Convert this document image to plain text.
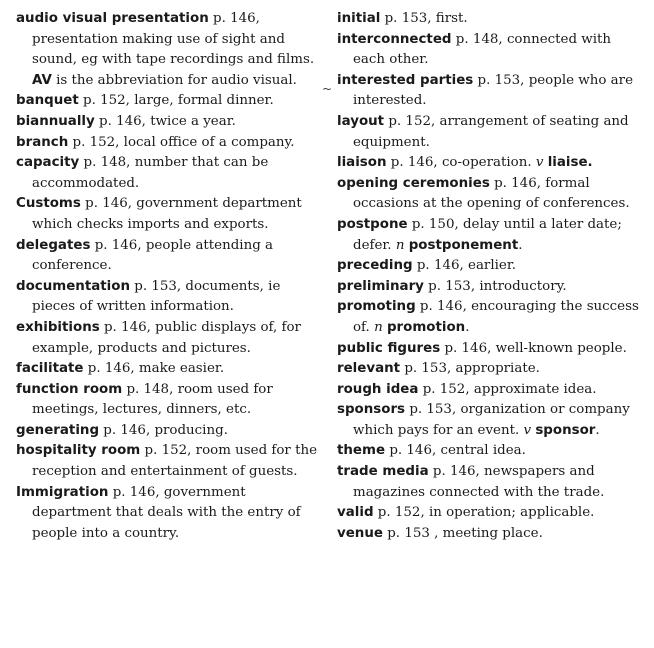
audio visual presentation p. 146, presentation making use of sight and sound, eg with tape recordings and films. AV is the abbreviation for audio visual.

banquet p. 152, large, formal dinner.

biannually p. 146, twice a year.

branch p. 152, local office of a company.

capacity p. 148, number that can be accommodated.

Customs p. 146, government department which checks imports and exports.

delegates p. 146, people attending a conference.

documentation p. 153, documents, ie pieces of written information.

exhibitions p. 146, public displays of, for example, products and pictures.

facilitate p. 146, make easier.

function room p. 148, room used for meetings, lectures, dinners, etc.

generating p. 146, producing.

hospitality room p. 152, room used for the reception and entertainment of guests.

Immigration p. 146, government department that deals with the entry of people into a country.

initial p. 153, first.

interconnected p. 148, connected with each other.

interested parties p. 153, people who are interested.

layout p. 152, arrangement of seating and equipment.

liaison p. 146, co-operation. v liaise.

opening ceremonies p. 146, formal occasions at the opening of conferences.

postpone p. 150, delay until a later date; defer. n postponement.

preceding p. 146, earlier.

preliminary p. 153, introductory.

promoting p. 146, encouraging the success of. n promotion.

public figures p. 146, well-known people.

relevant p. 153, appropriate.

rough idea p. 152, approximate idea.

sponsors p. 153, organization or company which pays for an event. v sponsor.

theme p. 146, central idea.

trade media p. 146, newspapers and magazines connected with the trade.

valid p. 152, in operation; applicable.

venue p. 153 , meeting place.

~
